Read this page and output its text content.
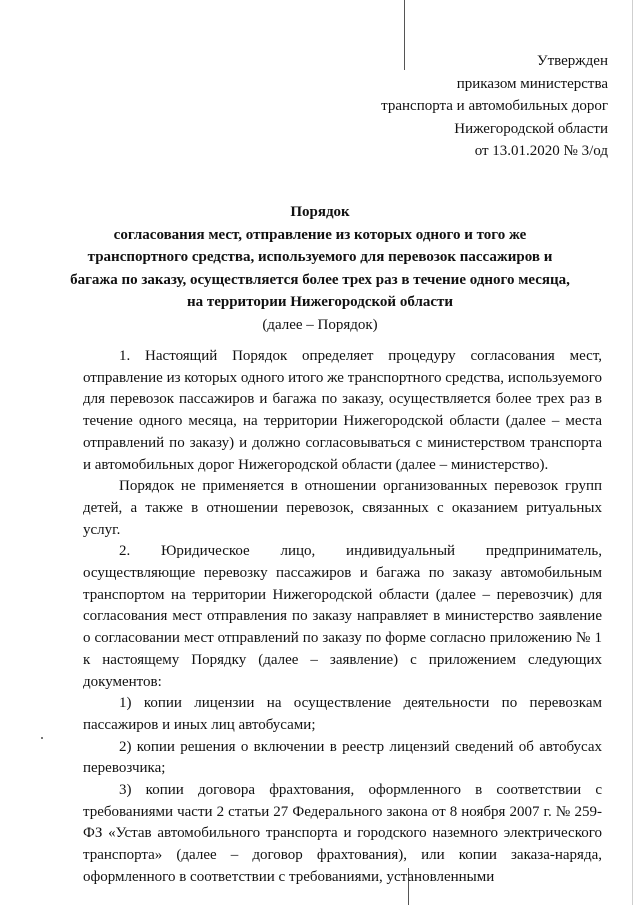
Утвержден
приказом министерства
транспорта и автомобильных дорог
Нижегородской области
от 13.01.2020 № 3/од
Порядок
согласования мест, отправление из которых одного и того же транспортного средства, используемого для перевозок пассажиров и багажа по заказу, осуществляется более трех раз в течение одного месяца, на территории Нижегородской области
(далее – Порядок)

1. Настоящий Порядок определяет процедуру согласования мест, отправление из которых одного итого же транспортного средства, используемого для перевозок пассажиров и багажа по заказу, осуществляется более трех раз в течение одного месяца, на территории Нижегородской области (далее – места отправлений по заказу) и должно согласовываться с министерством транспорта и автомобильных дорог Нижегородской области (далее – министерство).

Порядок не применяется в отношении организованных перевозок групп детей, а также в отношении перевозок, связанных с оказанием ритуальных услуг.

2. Юридическое лицо, индивидуальный предприниматель, осуществляющие перевозку пассажиров и багажа по заказу автомобильным транспортом на территории Нижегородской области (далее – перевозчик) для согласования мест отправления по заказу направляет в министерство заявление о согласовании мест отправлений по заказу по форме согласно приложению № 1 к настоящему Порядку (далее – заявление) с приложением следующих документов:

1) копии лицензии на осуществление деятельности по перевозкам пассажиров и иных лиц автобусами;

2) копии решения о включении в реестр лицензий сведений об автобусах перевозчика;

3) копии договора фрахтования, оформленного в соответствии с требованиями части 2 статьи 27 Федерального закона от 8 ноября 2007 г. № 259-ФЗ «Устав автомобильного транспорта и городского наземного электрического транспорта» (далее – договор фрахтования), или копии заказа-наряда, оформленного в соответствии с требованиями, установленными
